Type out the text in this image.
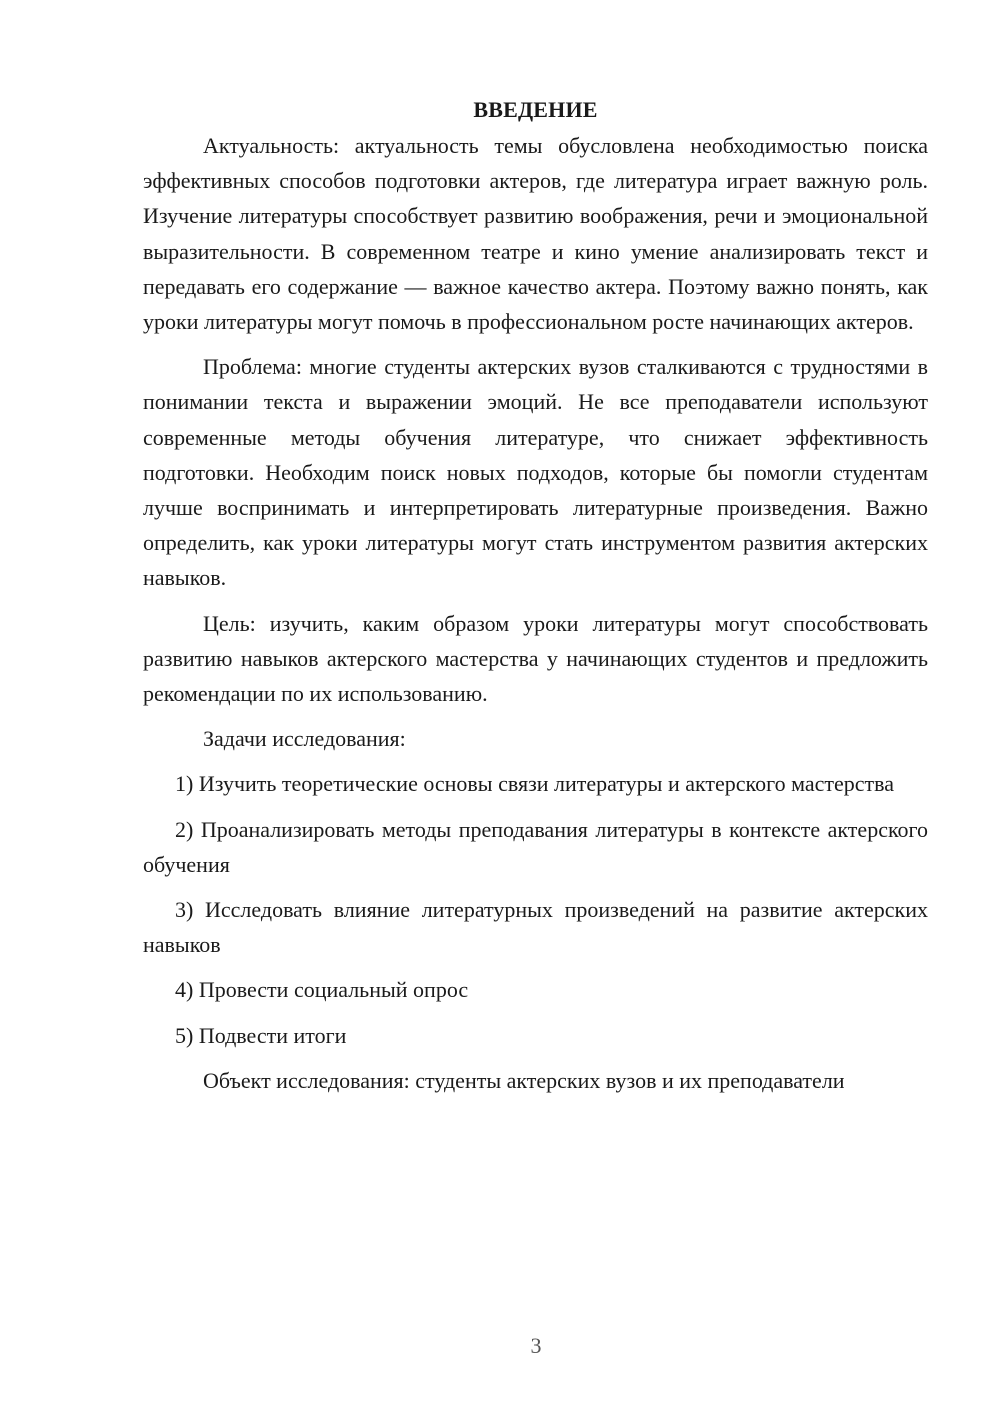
ВВЕДЕНИЕ

Актуальность: актуальность темы обусловлена необходимостью поиска эффективных способов подготовки актеров, где литература играет важную роль. Изучение литературы способствует развитию воображения, речи и эмоциональной выразительности. В современном театре и кино умение анализировать текст и передавать его содержание — важное качество актера. Поэтому важно понять, как уроки литературы могут помочь в профессиональном росте начинающих актеров.

Проблема: многие студенты актерских вузов сталкиваются с трудностями в понимании текста и выражении эмоций. Не все преподаватели используют современные методы обучения литературе, что снижает эффективность подготовки. Необходим поиск новых подходов, которые бы помогли студентам лучше воспринимать и интерпретировать литературные произведения. Важно определить, как уроки литературы могут стать инструментом развития актерских навыков.

Цель: изучить, каким образом уроки литературы могут способствовать развитию навыков актерского мастерства у начинающих студентов и предложить рекомендации по их использованию.

Задачи исследования:

1) Изучить теоретические основы связи литературы и актерского мастерства

2) Проанализировать методы преподавания литературы в контексте актерского обучения

3) Исследовать влияние литературных произведений на развитие актерских навыков

4) Провести социальный опрос

5) Подвести итоги

Объект исследования: студенты актерских вузов и их преподаватели

3
